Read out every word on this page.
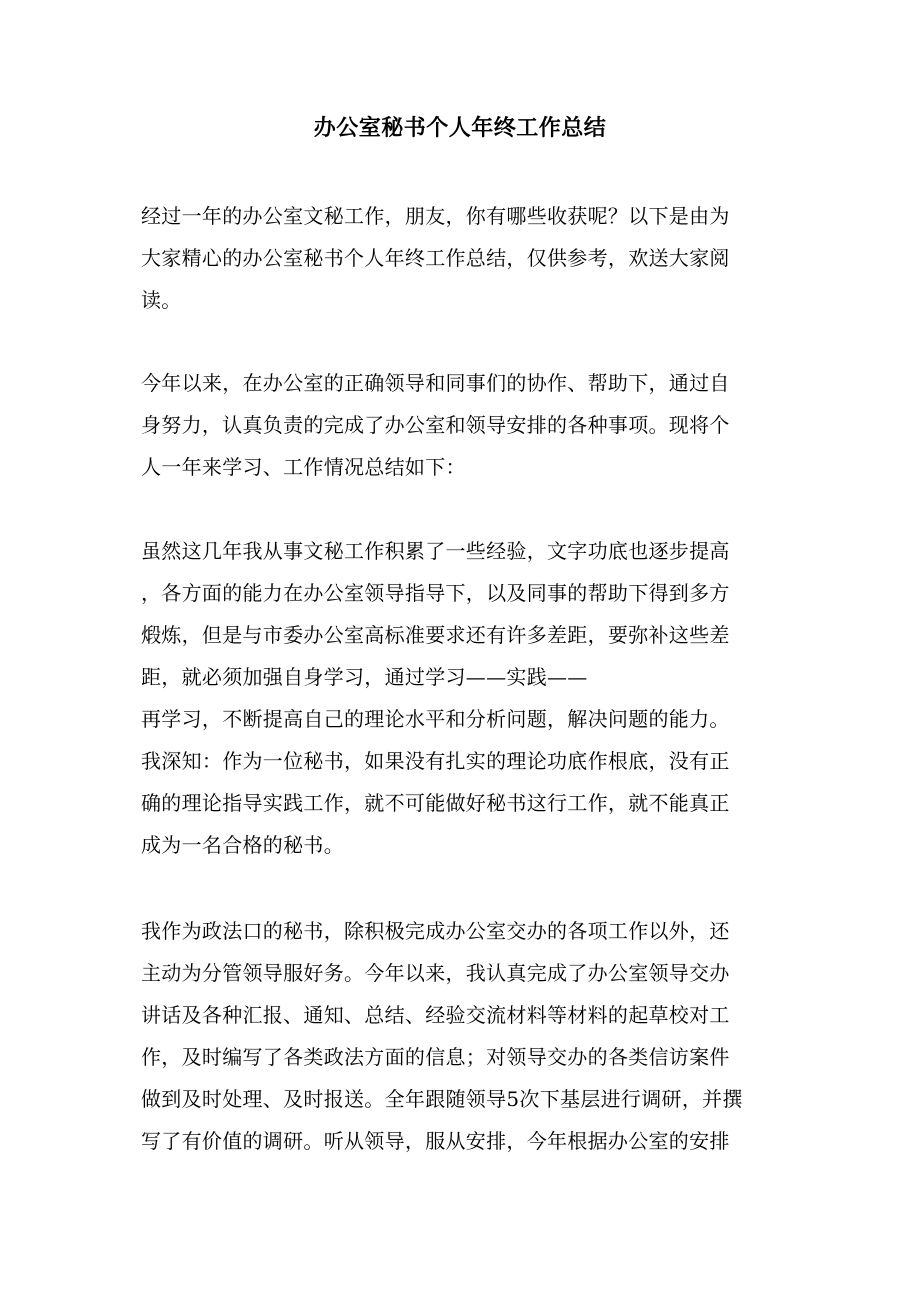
办公室秘书个人年终工作总结
经过一年的办公室文秘工作，朋友，你有哪些收获呢？以下是由为
大家精心的办公室秘书个人年终工作总结，仅供参考，欢送大家阅
读。
今年以来，在办公室的正确领导和同事们的协作、帮助下，通过自
身努力，认真负责的完成了办公室和领导安排的各种事项。现将个
人一年来学习、工作情况总结如下：
虽然这几年我从事文秘工作积累了一些经验，文字功底也逐步提高
，各方面的能力在办公室领导指导下，以及同事的帮助下得到多方
煅炼，但是与市委办公室高标准要求还有许多差距，要弥补这些差
距，就必须加强自身学习，通过学习——实践——
再学习，不断提高自己的理论水平和分析问题，解决问题的能力。
我深知：作为一位秘书，如果没有扎实的理论功底作根底，没有正
确的理论指导实践工作，就不可能做好秘书这行工作，就不能真正
成为一名合格的秘书。
我作为政法口的秘书，除积极完成办公室交办的各项工作以外，还
主动为分管领导服好务。今年以来，我认真完成了办公室领导交办
讲话及各种汇报、通知、总结、经验交流材料等材料的起草校对工
作，及时编写了各类政法方面的信息；对领导交办的各类信访案件
做到及时处理、及时报送。全年跟随领导5次下基层进行调研，并撰
写了有价值的调研。听从领导，服从安排，今年根据办公室的安排
